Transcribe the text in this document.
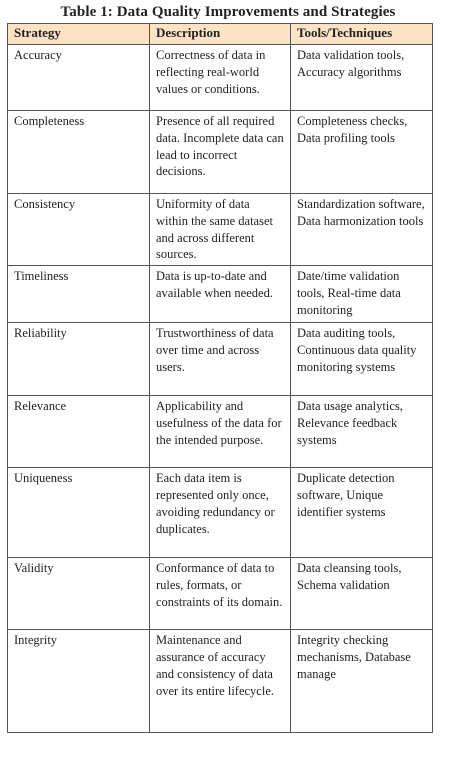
Table 1: Data Quality Improvements and Strategies
Strategy	Description	Tools/Techniques
Accuracy	Correctness of data in reflecting real-world values or conditions.	Data validation tools, Accuracy algorithms
Completeness	Presence of all required data. Incomplete data can lead to incorrect decisions.	Completeness checks, Data profiling tools
Consistency	Uniformity of data within the same dataset and across different sources.	Standardization software, Data harmonization tools
Timeliness	Data is up-to-date and available when needed.	Date/time validation tools, Real-time data monitoring
Reliability	Trustworthiness of data over time and across users.	Data auditing tools, Continuous data quality monitoring systems
Relevance	Applicability and usefulness of the data for the intended purpose.	Data usage analytics, Relevance feedback systems
Uniqueness	Each data item is represented only once, avoiding redundancy or duplicates.	Duplicate detection software, Unique identifier systems
Validity	Conformance of data to rules, formats, or constraints of its domain.	Data cleansing tools, Schema validation
Integrity	Maintenance and assurance of accuracy and consistency of data over its entire lifecycle.	Integrity checking mechanisms, Database manage
